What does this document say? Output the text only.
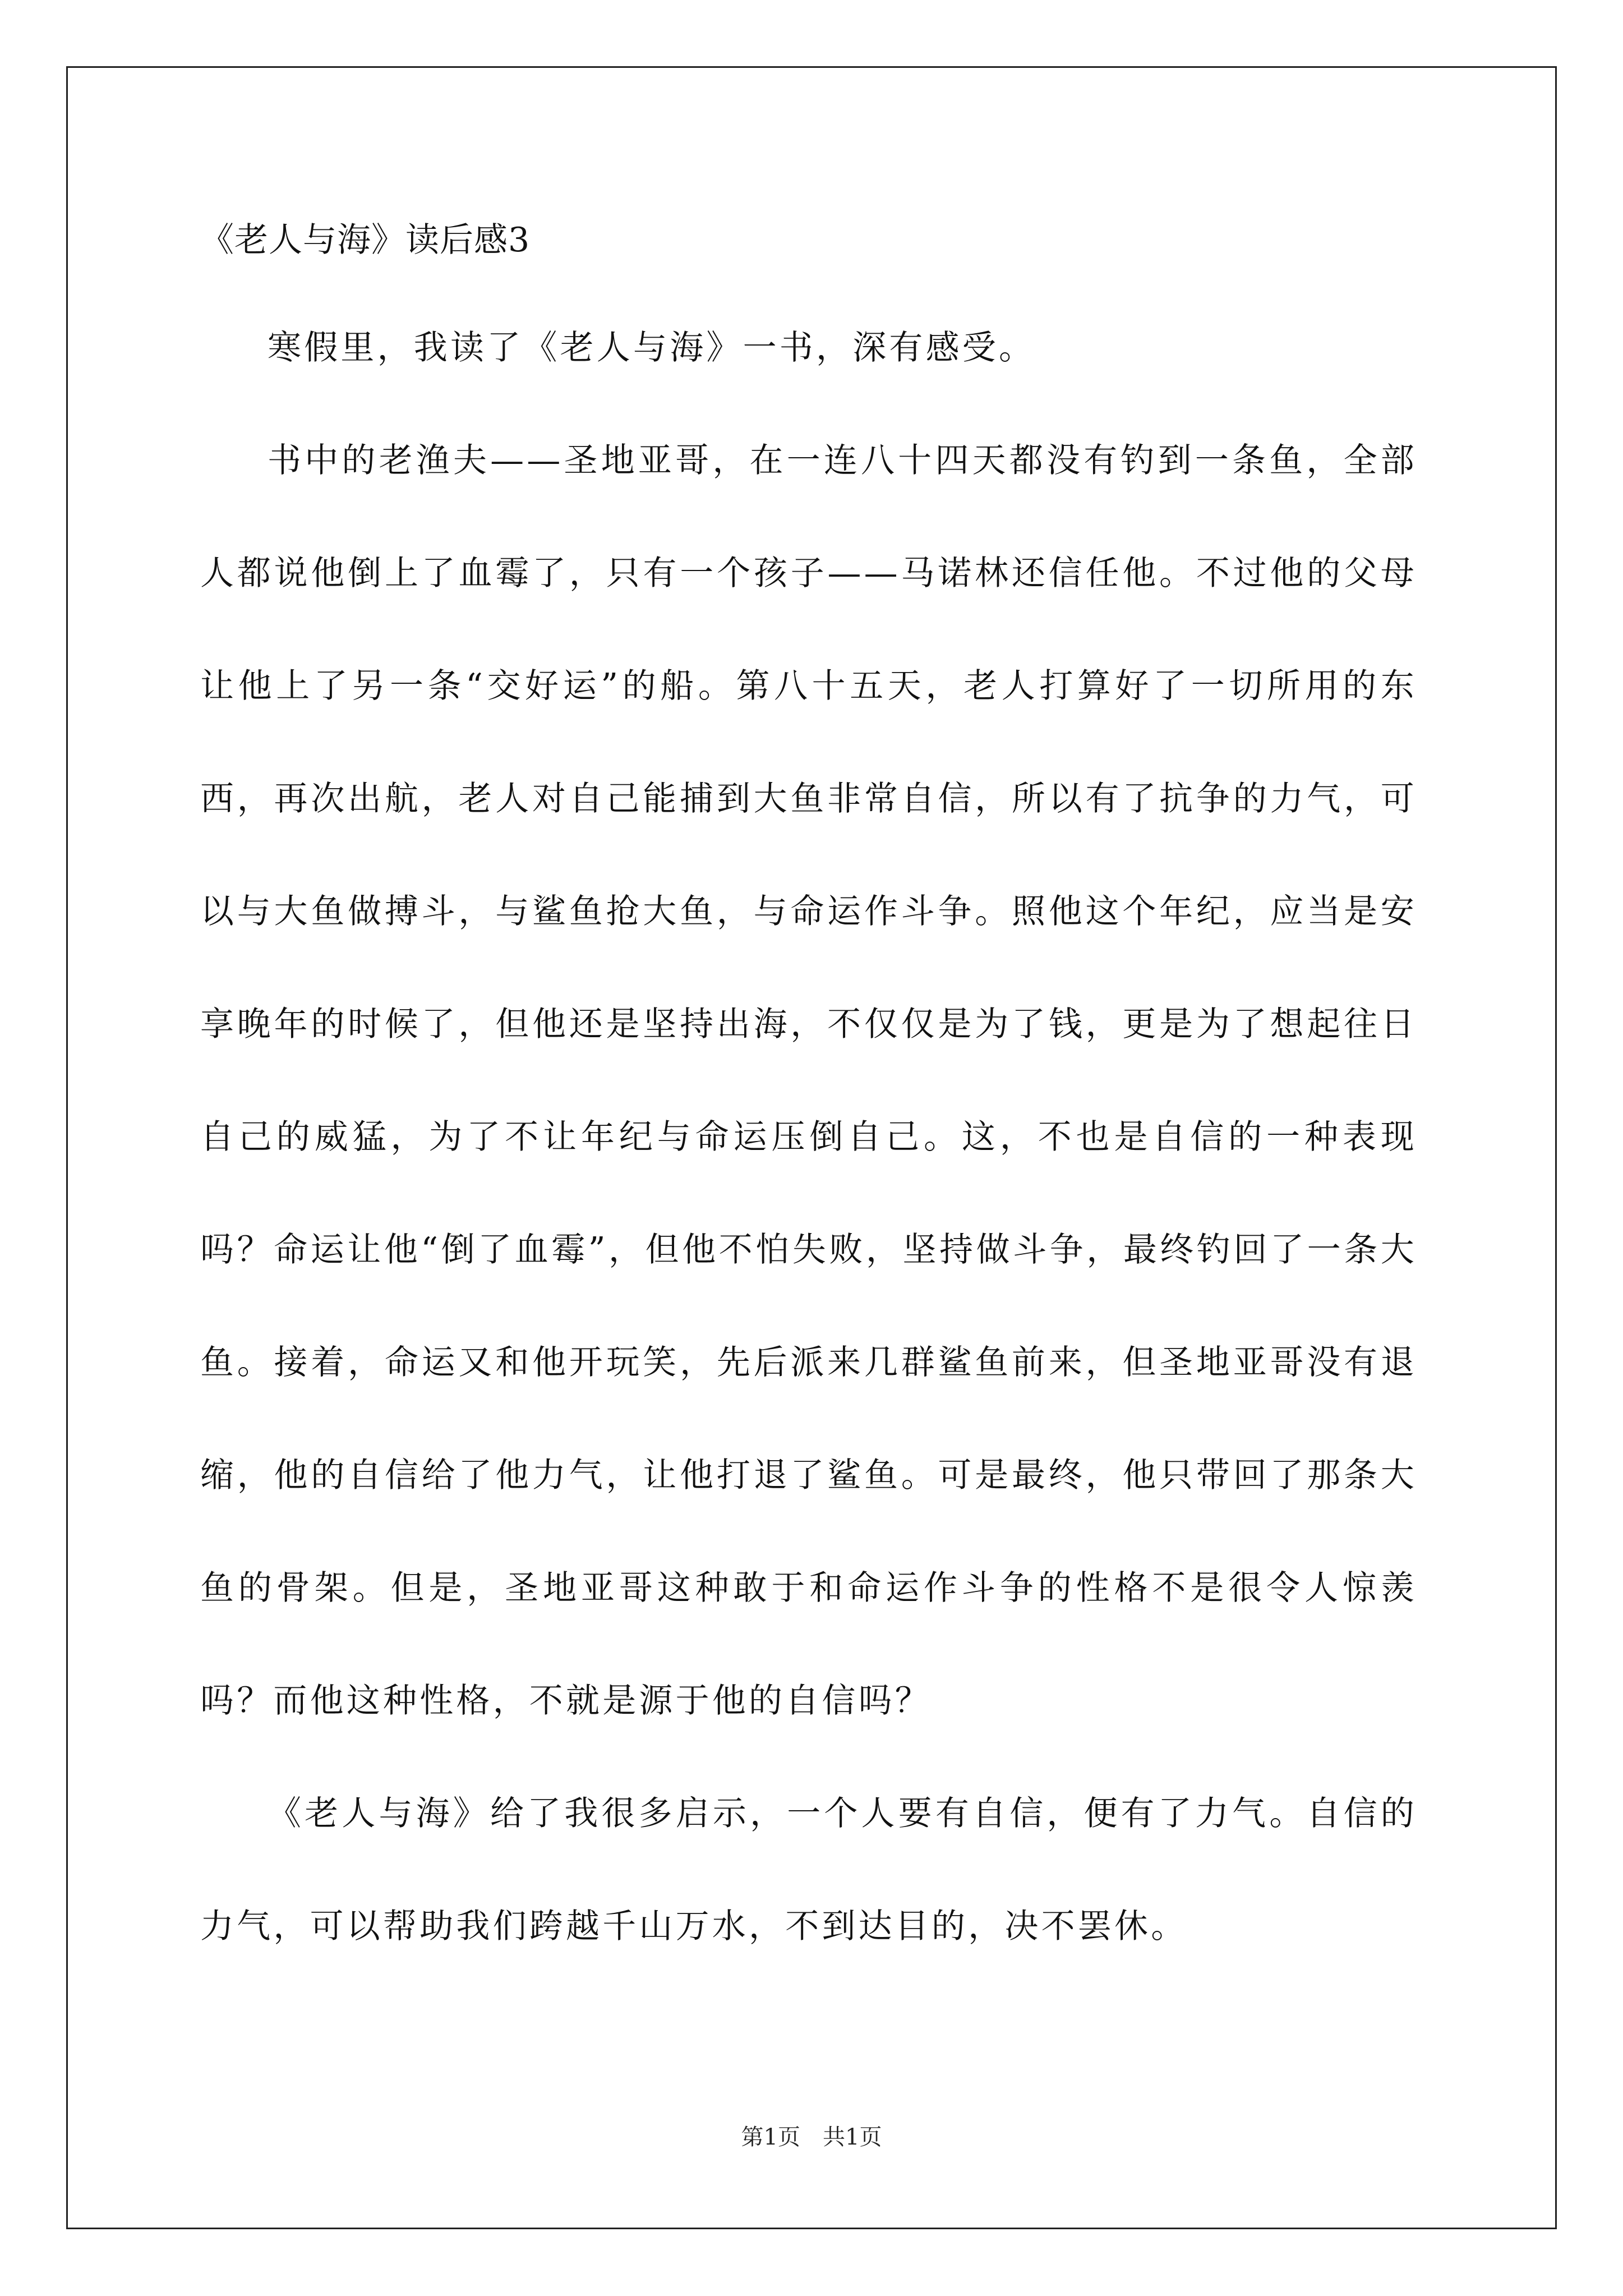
《老人与海》读后感3

寒假里，我读了《老人与海》一书，深有感受。

书中的老渔夫——圣地亚哥，在一连八十四天都没有钓到一条鱼，全部人都说他倒上了血霉了，只有一个孩子——马诺林还信任他。不过他的父母让他上了另一条“交好运”的船。第八十五天，老人打算好了一切所用的东西，再次出航，老人对自己能捕到大鱼非常自信，所以有了抗争的力气，可以与大鱼做搏斗，与鲨鱼抢大鱼，与命运作斗争。照他这个年纪，应当是安享晚年的时候了，但他还是坚持出海，不仅仅是为了钱，更是为了想起往日自己的威猛，为了不让年纪与命运压倒自己。这，不也是自信的一种表现吗？命运让他“倒了血霉”，但他不怕失败，坚持做斗争，最终钓回了一条大鱼。接着，命运又和他开玩笑，先后派来几群鲨鱼前来，但圣地亚哥没有退缩，他的自信给了他力气，让他打退了鲨鱼。可是最终，他只带回了那条大鱼的骨架。但是，圣地亚哥这种敢于和命运作斗争的性格不是很令人惊羡吗？而他这种性格，不就是源于他的自信吗？

《老人与海》给了我很多启示，一个人要有自信，便有了力气。自信的力气，可以帮助我们跨越千山万水，不到达目的，决不罢休。

第1页　共1页
